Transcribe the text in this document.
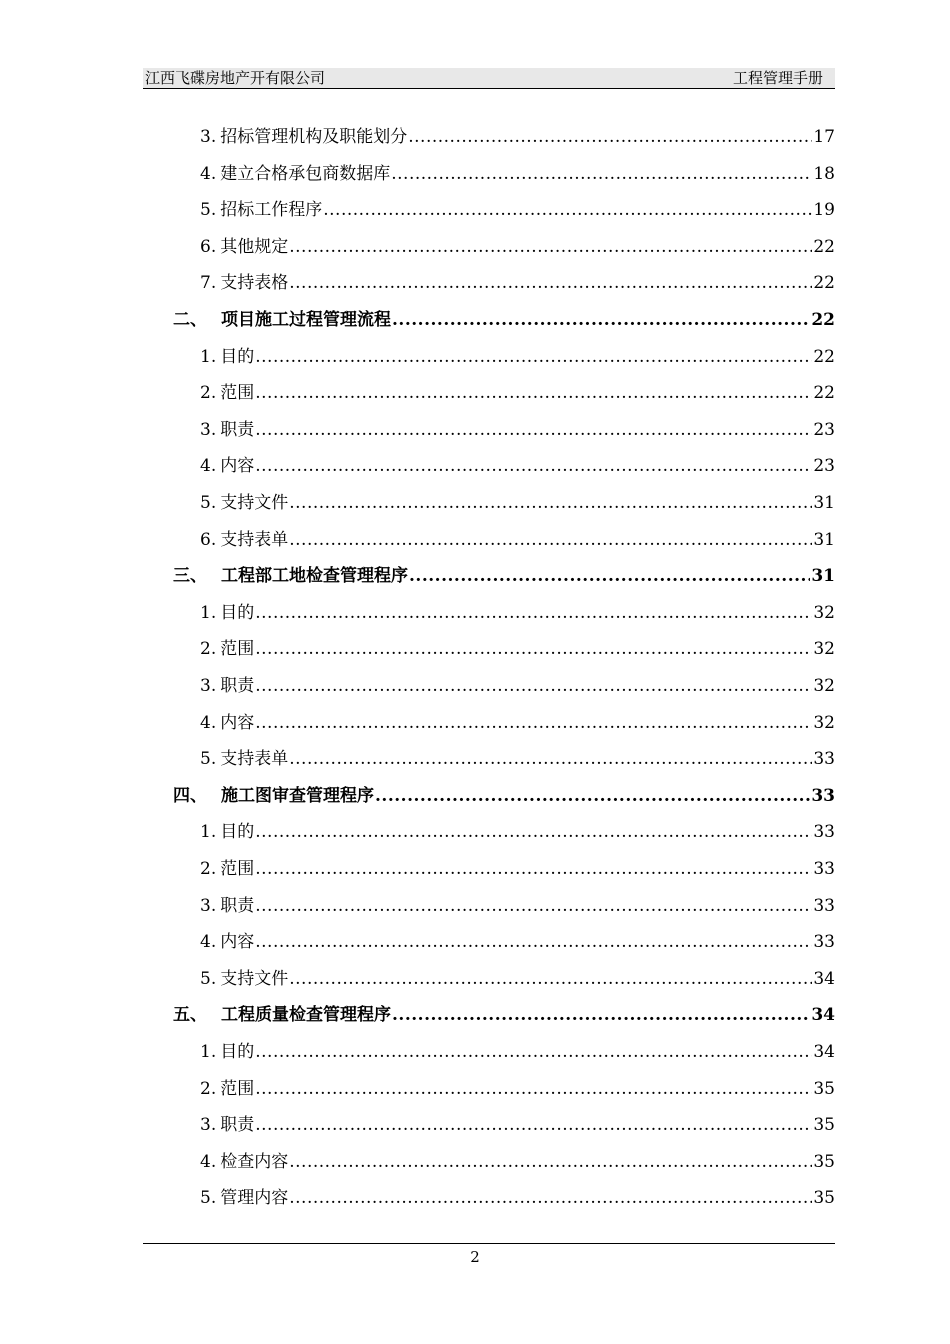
江西飞碟房地产开有限公司	工程管理手册
3. 招标管理机构及职能划分 .....	17
4. 建立合格承包商数据库 .....	18
5. 招标工作程序 .....	19
6. 其他规定 .....	22
7. 支持表格 .....	22
二、 项目施工过程管理流程 .....	22
1. 目的 .....	22
2. 范围 .....	22
3. 职责 .....	23
4. 内容 .....	23
5. 支持文件 .....	31
6. 支持表单 .....	31
三、 工程部工地检查管理程序 .....	31
1. 目的 .....	32
2. 范围 .....	32
3. 职责 .....	32
4. 内容 .....	32
5. 支持表单 .....	33
四、 施工图审查管理程序 .....	33
1. 目的 .....	33
2. 范围 .....	33
3. 职责 .....	33
4. 内容 .....	33
5. 支持文件 .....	34
五、 工程质量检查管理程序 .....	34
1. 目的 .....	34
2. 范围 .....	35
3. 职责 .....	35
4. 检查内容 .....	35
5. 管理内容 .....	35
2
